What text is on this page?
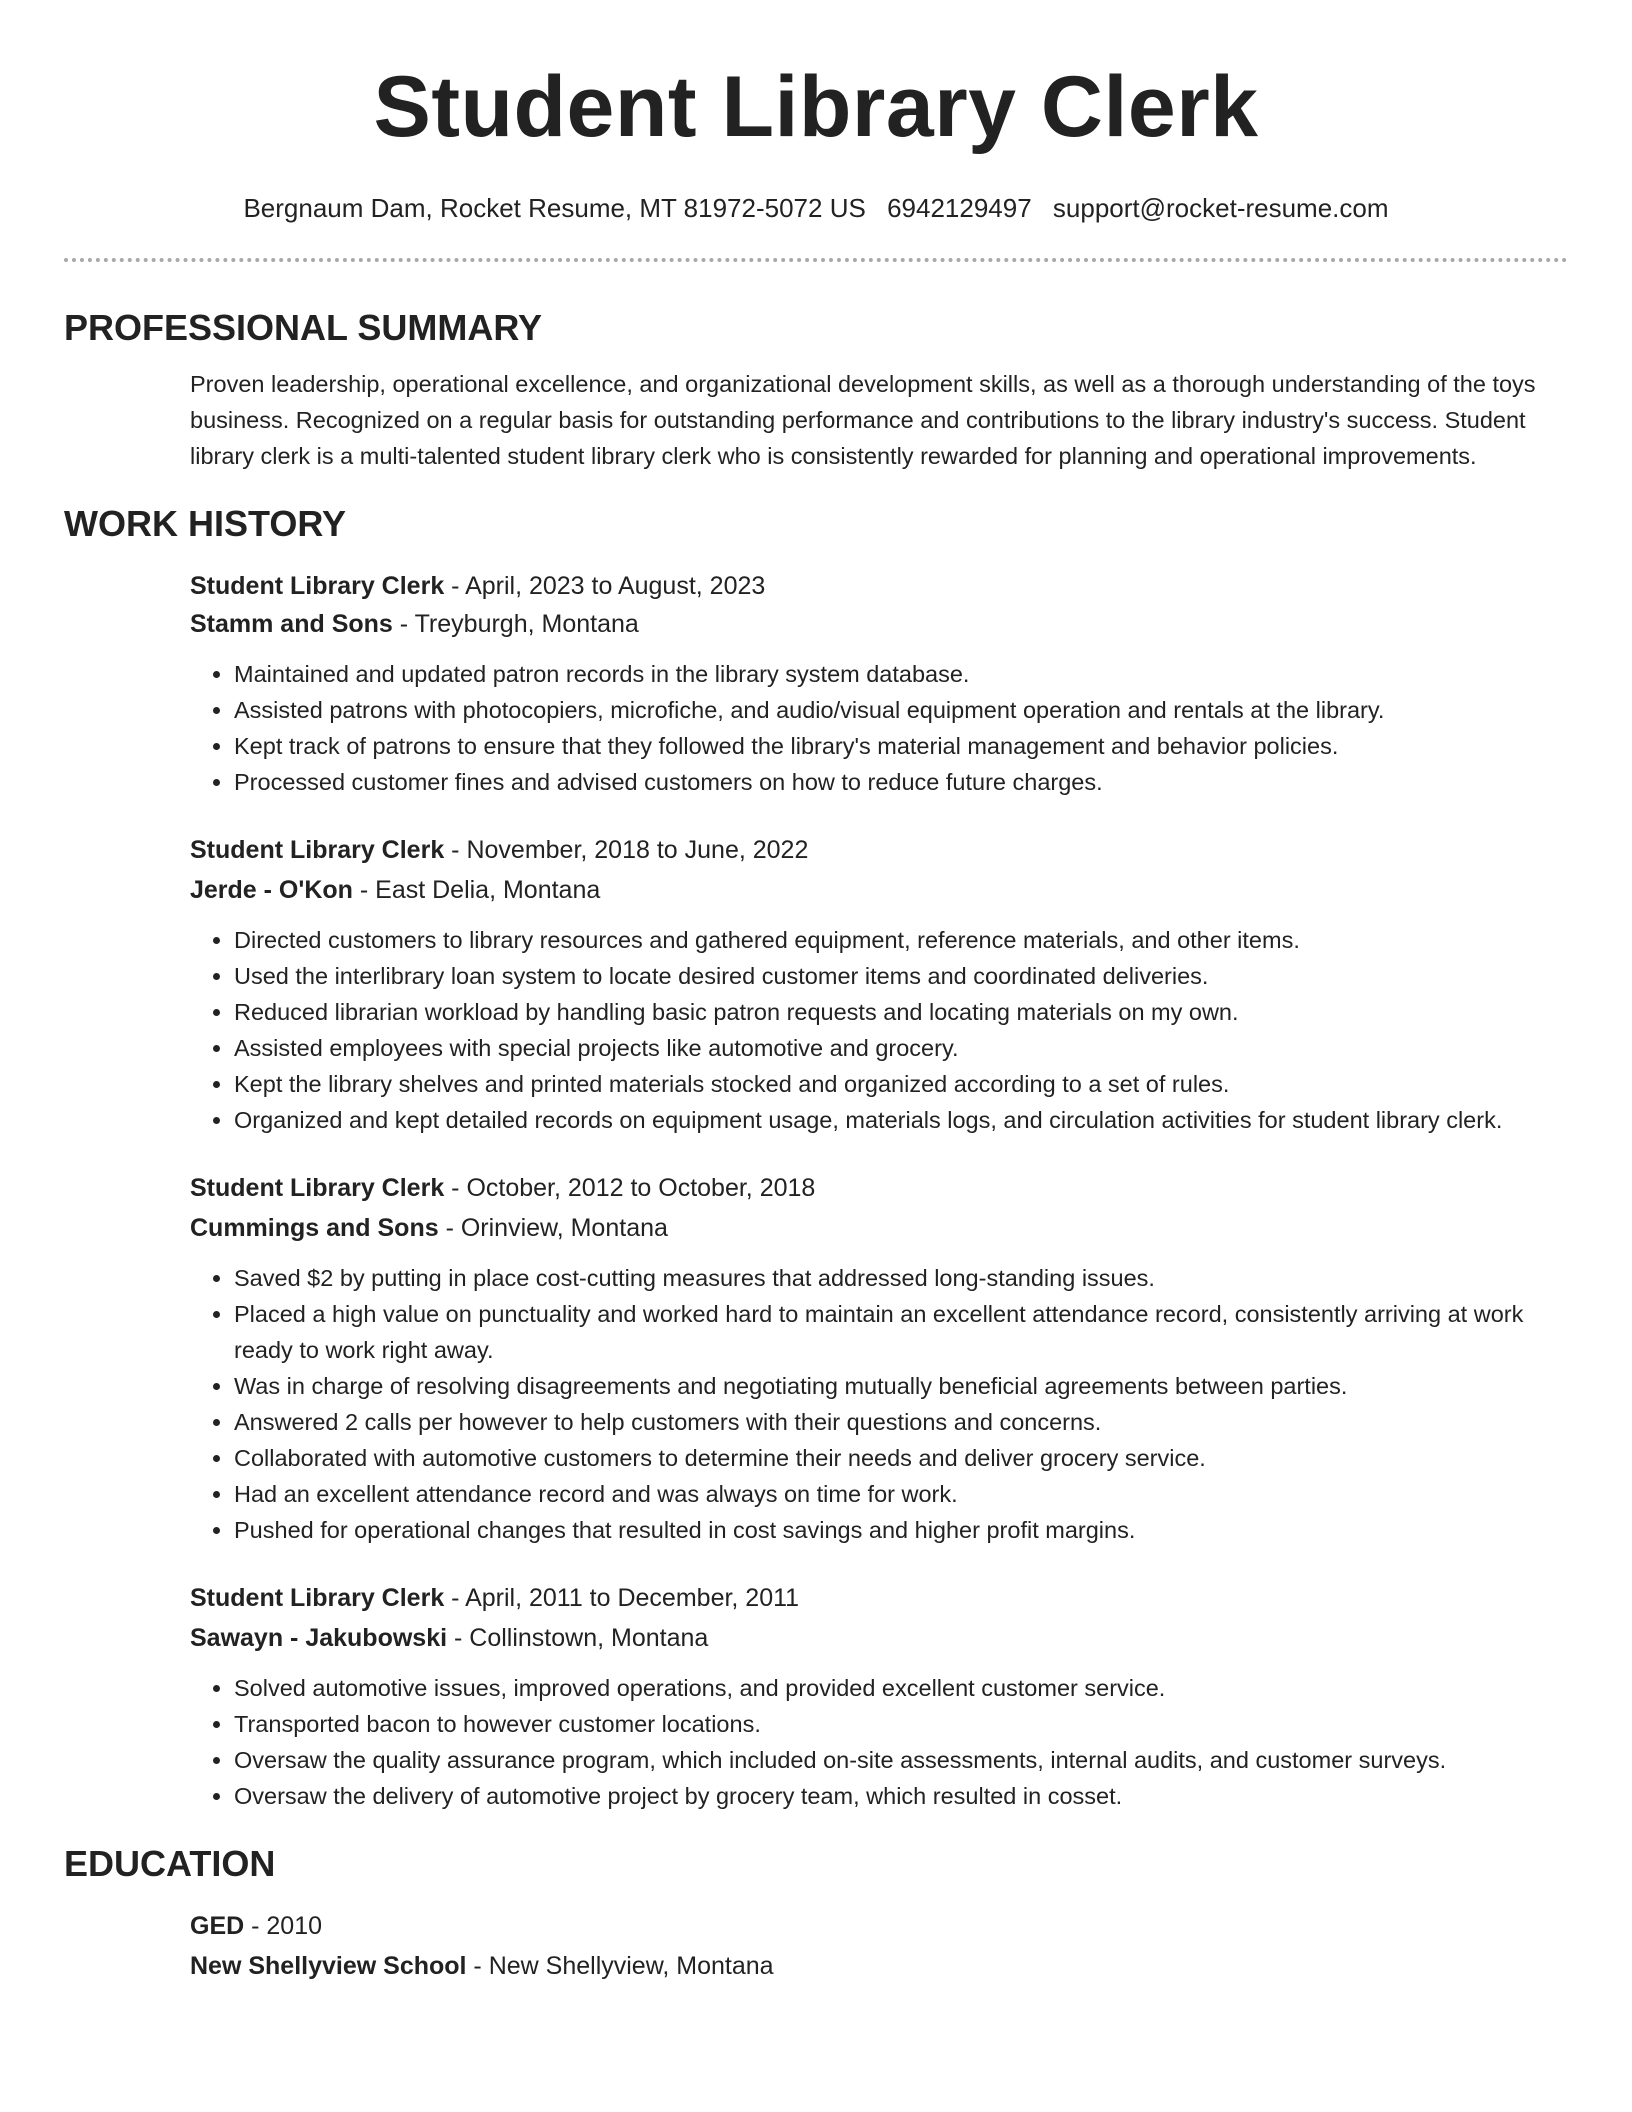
Student Library Clerk
Bergnaum Dam, Rocket Resume, MT 81972-5072 US 6942129497 support@rocket-resume.com
PROFESSIONAL SUMMARY
Proven leadership, operational excellence, and organizational development skills, as well as a thorough understanding of the toys business. Recognized on a regular basis for outstanding performance and contributions to the library industry's success. Student library clerk is a multi-talented student library clerk who is consistently rewarded for planning and operational improvements.
WORK HISTORY

Student Library Clerk - April, 2023 to August, 2023

Stamm and Sons - Treyburgh, Montana

• Maintained and updated patron records in the library system database.
• Assisted patrons with photocopiers, microfiche, and audio/visual equipment operation and rentals at the library.
• Kept track of patrons to ensure that they followed the library's material management and behavior policies.
• Processed customer fines and advised customers on how to reduce future charges.

Student Library Clerk - November, 2018 to June, 2022

Jerde - O'Kon - East Delia, Montana

• Directed customers to library resources and gathered equipment, reference materials, and other items.
• Used the interlibrary loan system to locate desired customer items and coordinated deliveries.
• Reduced librarian workload by handling basic patron requests and locating materials on my own.
• Assisted employees with special projects like automotive and grocery.
• Kept the library shelves and printed materials stocked and organized according to a set of rules.
• Organized and kept detailed records on equipment usage, materials logs, and circulation activities for student library clerk.

Student Library Clerk - October, 2012 to October, 2018

Cummings and Sons - Orinview, Montana

• Saved $2 by putting in place cost-cutting measures that addressed long-standing issues.
• Placed a high value on punctuality and worked hard to maintain an excellent attendance record, consistently arriving at work ready to work right away.
• Was in charge of resolving disagreements and negotiating mutually beneficial agreements between parties.
• Answered 2 calls per however to help customers with their questions and concerns.
• Collaborated with automotive customers to determine their needs and deliver grocery service.
• Had an excellent attendance record and was always on time for work.
• Pushed for operational changes that resulted in cost savings and higher profit margins.

Student Library Clerk - April, 2011 to December, 2011

Sawayn - Jakubowski - Collinstown, Montana

• Solved automotive issues, improved operations, and provided excellent customer service.
• Transported bacon to however customer locations.
• Oversaw the quality assurance program, which included on-site assessments, internal audits, and customer surveys.
• Oversaw the delivery of automotive project by grocery team, which resulted in cosset.
EDUCATION

GED - 2010

New Shellyview School - New Shellyview, Montana
